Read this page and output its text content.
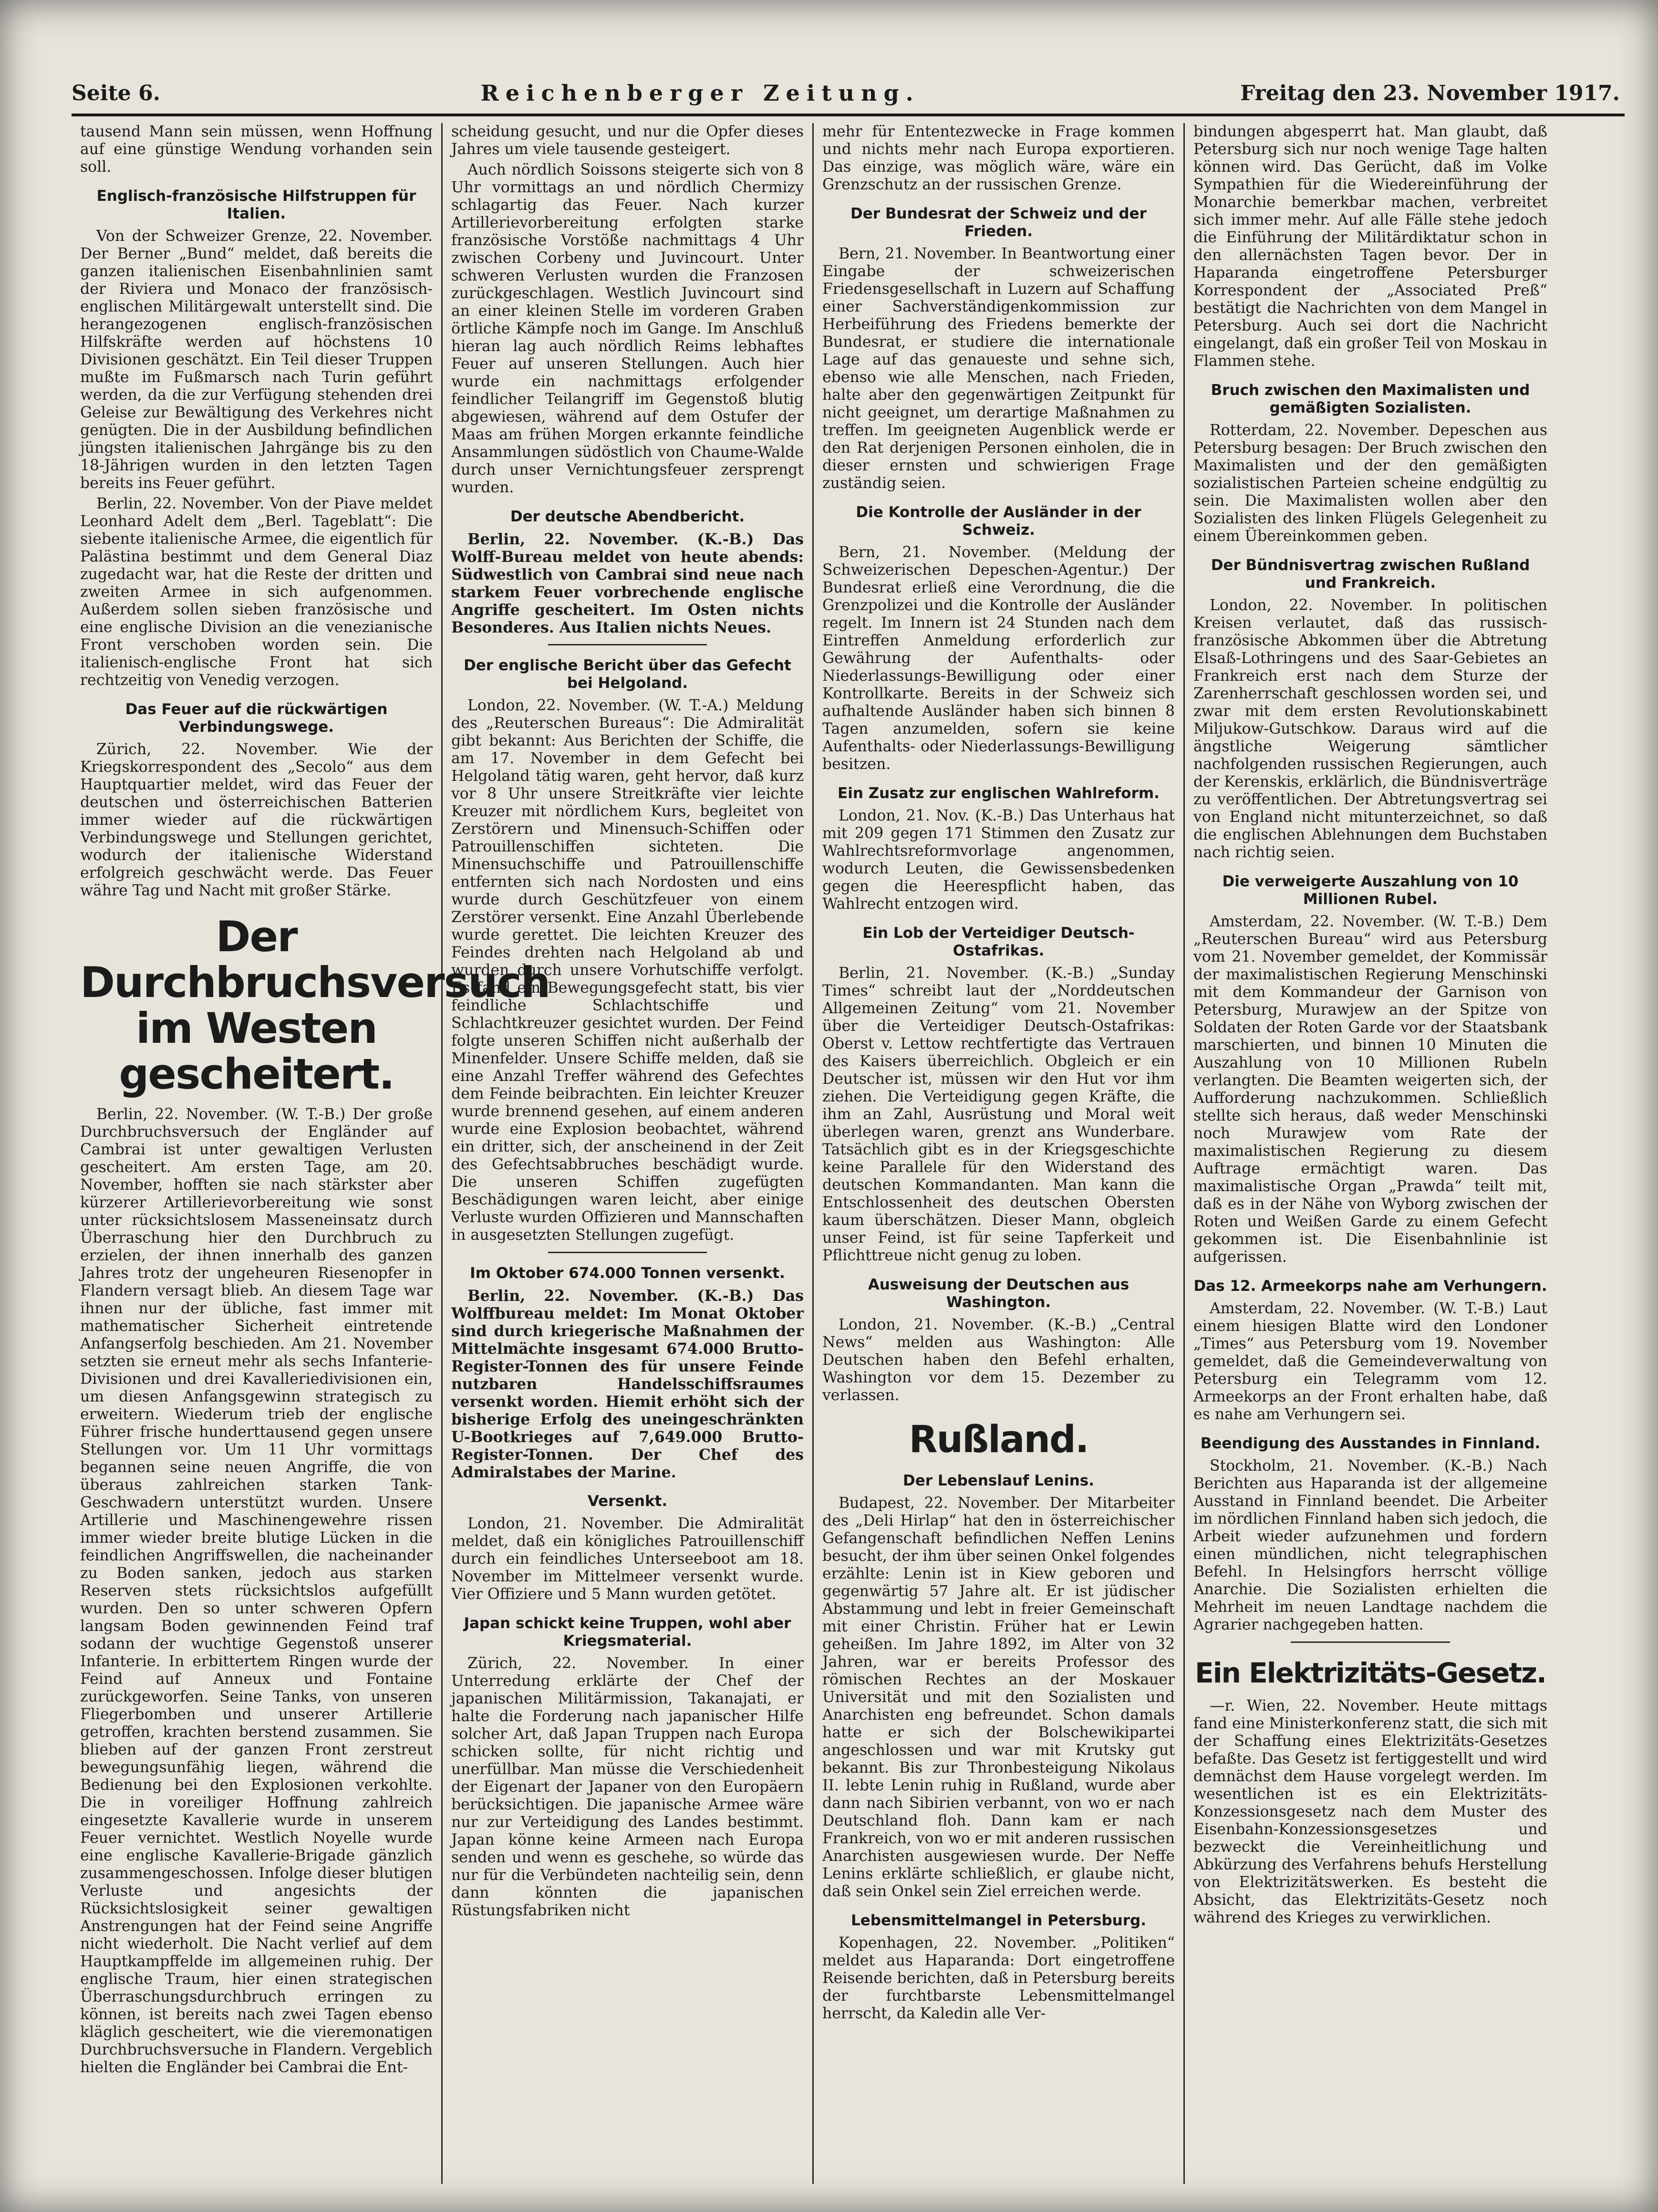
Seite 6.	Reichenberger Zeitung.	Freitag den 23. November 1917.

tausend Mann sein müssen, wenn Hoffnung auf eine günstige Wendung vorhanden sein soll.

Englisch-französische Hilfstruppen für Italien.

Von der Schweizer Grenze, 22. November. Der Berner „Bund“ meldet, daß bereits die ganzen italienischen Eisenbahnlinien samt der Riviera und Monaco der französisch-englischen Militärgewalt unterstellt sind. Die herangezogenen englisch-französischen Hilfskräfte werden auf höchstens 10 Divisionen geschätzt. Ein Teil dieser Truppen mußte im Fußmarsch nach Turin geführt werden, da die zur Verfügung stehenden drei Geleise zur Bewältigung des Verkehres nicht genügten. Die in der Ausbildung befindlichen jüngsten italienischen Jahrgänge bis zu den 18-Jährigen wurden in den letzten Tagen bereits ins Feuer geführt.

Berlin, 22. November. Von der Piave meldet Leonhard Adelt dem „Berl. Tageblatt“: Die siebente italienische Armee, die eigentlich für Palästina bestimmt und dem General Diaz zugedacht war, hat die Reste der dritten und zweiten Armee in sich aufgenommen. Außerdem sollen sieben französische und eine englische Division an die venezianische Front verschoben worden sein. Die italienisch-englische Front hat sich rechtzeitig von Venedig verzogen.

Das Feuer auf die rückwärtigen Verbindungswege.

Zürich, 22. November. Wie der Kriegskorrespondent des „Secolo“ aus dem Hauptquartier meldet, wird das Feuer der deutschen und österreichischen Batterien immer wieder auf die rückwärtigen Verbindungswege und Stellungen gerichtet, wodurch der italienische Widerstand erfolgreich geschwächt werde. Das Feuer währe Tag und Nacht mit großer Stärke.

Der Durchbruchsversuch im Westen gescheitert.

Berlin, 22. November. (W. T.-B.) Der große Durchbruchsversuch der Engländer auf Cambrai ist unter gewaltigen Verlusten gescheitert. Am ersten Tage, am 20. November, hofften sie nach stärkster aber kürzerer Artillerievorbereitung wie sonst unter rücksichtslosem Masseneinsatz durch Überraschung hier den Durchbruch zu erzielen, der ihnen innerhalb des ganzen Jahres trotz der ungeheuren Riesenopfer in Flandern versagt blieb. An diesem Tage war ihnen nur der übliche, fast immer mit mathematischer Sicherheit eintretende Anfangserfolg beschieden. Am 21. November setzten sie erneut mehr als sechs Infanterie-Divisionen und drei Kavalleriedivisionen ein, um diesen Anfangsgewinn strategisch zu erweitern. Wiederum trieb der englische Führer frische hunderttausend gegen unsere Stellungen vor. Um 11 Uhr vormittags begannen seine neuen Angriffe, die von überaus zahlreichen starken Tank-Geschwadern unterstützt wurden. Unsere Artillerie und Maschinengewehre rissen immer wieder breite blutige Lücken in die feindlichen Angriffswellen, die nacheinander zu Boden sanken, jedoch aus starken Reserven stets rücksichtslos aufgefüllt wurden. Den so unter schweren Opfern langsam Boden gewinnenden Feind traf sodann der wuchtige Gegenstoß unserer Infanterie. In erbittertem Ringen wurde der Feind auf Anneux und Fontaine zurückgeworfen. Seine Tanks, von unseren Fliegerbomben und unserer Artillerie getroffen, krachten berstend zusammen. Sie blieben auf der ganzen Front zerstreut bewegungsunfähig liegen, während die Bedienung bei den Explosionen verkohlte. Die in voreiliger Hoffnung zahlreich eingesetzte Kavallerie wurde in unserem Feuer vernichtet. Westlich Noyelle wurde eine englische Kavallerie-Brigade gänzlich zusammengeschossen. Infolge dieser blutigen Verluste und angesichts der Rücksichtslosigkeit seiner gewaltigen Anstrengungen hat der Feind seine Angriffe nicht wiederholt. Die Nacht verlief auf dem Hauptkampffelde im allgemeinen ruhig. Der englische Traum, hier einen strategischen Überraschungsdurchbruch erringen zu können, ist bereits nach zwei Tagen ebenso kläglich gescheitert, wie die vieremonatigen Durchbruchsversuche in Flandern. Vergeblich hielten die Engländer bei Cambrai die Ent-

scheidung gesucht, und nur die Opfer dieses Jahres um viele tausende gesteigert.

Auch nördlich Soissons steigerte sich von 8 Uhr vormittags an und nördlich Chermizy schlagartig das Feuer. Nach kurzer Artillerievorbereitung erfolgten starke französische Vorstöße nachmittags 4 Uhr zwischen Corbeny und Juvincourt. Unter schweren Verlusten wurden die Franzosen zurückgeschlagen. Westlich Juvincourt sind an einer kleinen Stelle im vorderen Graben örtliche Kämpfe noch im Gange. Im Anschluß hieran lag auch nördlich Reims lebhaftes Feuer auf unseren Stellungen. Auch hier wurde ein nachmittags erfolgender feindlicher Teilangriff im Gegenstoß blutig abgewiesen, während auf dem Ostufer der Maas am frühen Morgen erkannte feindliche Ansammlungen südöstlich von Chaume-Walde durch unser Vernichtungsfeuer zersprengt wurden.

Der deutsche Abendbericht.

Berlin, 22. November. (K.-B.) Das Wolff-Bureau meldet von heute abends: Südwestlich von Cambrai sind neue nach starkem Feuer vorbrechende englische Angriffe gescheitert. Im Osten nichts Besonderes. Aus Italien nichts Neues.

Der englische Bericht über das Gefecht bei Helgoland.

London, 22. November. (W. T.-A.) Meldung des „Reuterschen Bureaus“: Die Admiralität gibt bekannt: Aus Berichten der Schiffe, die am 17. November in dem Gefecht bei Helgoland tätig waren, geht hervor, daß kurz vor 8 Uhr unsere Streitkräfte vier leichte Kreuzer mit nördlichem Kurs, begleitet von Zerstörern und Minensuch-Schiffen oder Patrouillenschiffen sichteten. Die Minensuchschiffe und Patrouillenschiffe entfernten sich nach Nordosten und eins wurde durch Geschützfeuer von einem Zerstörer versenkt. Eine Anzahl Überlebende wurde gerettet. Die leichten Kreuzer des Feindes drehten nach Helgoland ab und wurden durch unsere Vorhutschiffe verfolgt. Es fand ein Bewegungsgefecht statt, bis vier feindliche Schlachtschiffe und Schlachtkreuzer gesichtet wurden. Der Feind folgte unseren Schiffen nicht außerhalb der Minenfelder. Unsere Schiffe melden, daß sie eine Anzahl Treffer während des Gefechtes dem Feinde beibrachten. Ein leichter Kreuzer wurde brennend gesehen, auf einem anderen wurde eine Explosion beobachtet, während ein dritter, sich, der anscheinend in der Zeit des Gefechtsabbruches beschädigt wurde. Die unseren Schiffen zugefügten Beschädigungen waren leicht, aber einige Verluste wurden Offizieren und Mannschaften in ausgesetzten Stellungen zugefügt.

Im Oktober 674.000 Tonnen versenkt.

Berlin, 22. November. (K.-B.) Das Wolffbureau meldet: Im Monat Oktober sind durch kriegerische Maßnahmen der Mittelmächte insgesamt 674.000 Brutto-Register-Tonnen des für unsere Feinde nutzbaren Handelsschiffsraumes versenkt worden. Hiemit erhöht sich der bisherige Erfolg des uneingeschränkten U-Bootkrieges auf 7,649.000 Brutto-Register-Tonnen. Der Chef des Admiralstabes der Marine.

Versenkt.

London, 21. November. Die Admiralität meldet, daß ein königliches Patrouillenschiff durch ein feindliches Unterseeboot am 18. November im Mittelmeer versenkt wurde. Vier Offiziere und 5 Mann wurden getötet.

Japan schickt keine Truppen, wohl aber Kriegsmaterial.

Zürich, 22. November. In einer Unterredung erklärte der Chef der japanischen Militärmission, Takanajati, er halte die Forderung nach japanischer Hilfe solcher Art, daß Japan Truppen nach Europa schicken sollte, für nicht richtig und unerfüllbar. Man müsse die Verschiedenheit der Eigenart der Japaner von den Europäern berücksichtigen. Die japanische Armee wäre nur zur Verteidigung des Landes bestimmt. Japan könne keine Armeen nach Europa senden und wenn es geschehe, so würde das nur für die Verbündeten nachteilig sein, denn dann könnten die japanischen Rüstungsfabriken nicht

mehr für Ententezwecke in Frage kommen und nichts mehr nach Europa exportieren. Das einzige, was möglich wäre, wäre ein Grenzschutz an der russischen Grenze.

Der Bundesrat der Schweiz und der Frieden.

Bern, 21. November. In Beantwortung einer Eingabe der schweizerischen Friedensgesellschaft in Luzern auf Schaffung einer Sachverständigenkommission zur Herbeiführung des Friedens bemerkte der Bundesrat, er studiere die internationale Lage auf das genaueste und sehne sich, ebenso wie alle Menschen, nach Frieden, halte aber den gegenwärtigen Zeitpunkt für nicht geeignet, um derartige Maßnahmen zu treffen. Im geeigneten Augenblick werde er den Rat derjenigen Personen einholen, die in dieser ernsten und schwierigen Frage zuständig seien.

Die Kontrolle der Ausländer in der Schweiz.

Bern, 21. November. (Meldung der Schweizerischen Depeschen-Agentur.) Der Bundesrat erließ eine Verordnung, die die Grenzpolizei und die Kontrolle der Ausländer regelt. Im Innern ist 24 Stunden nach dem Eintreffen Anmeldung erforderlich zur Gewährung der Aufenthalts- oder Niederlassungs-Bewilligung oder einer Kontrollkarte. Bereits in der Schweiz sich aufhaltende Ausländer haben sich binnen 8 Tagen anzumelden, sofern sie keine Aufenthalts- oder Niederlassungs-Bewilligung besitzen.

Ein Zusatz zur englischen Wahlreform.

London, 21. Nov. (K.-B.) Das Unterhaus hat mit 209 gegen 171 Stimmen den Zusatz zur Wahlrechtsreformvorlage angenommen, wodurch Leuten, die Gewissensbedenken gegen die Heerespflicht haben, das Wahlrecht entzogen wird.

Ein Lob der Verteidiger Deutsch-Ostafrikas.

Berlin, 21. November. (K.-B.) „Sunday Times“ schreibt laut der „Norddeutschen Allgemeinen Zeitung“ vom 21. November über die Verteidiger Deutsch-Ostafrikas: Oberst v. Lettow rechtfertigte das Vertrauen des Kaisers überreichlich. Obgleich er ein Deutscher ist, müssen wir den Hut vor ihm ziehen. Die Verteidigung gegen Kräfte, die ihm an Zahl, Ausrüstung und Moral weit überlegen waren, grenzt ans Wunderbare. Tatsächlich gibt es in der Kriegsgeschichte keine Parallele für den Widerstand des deutschen Kommandanten. Man kann die Entschlossenheit des deutschen Obersten kaum überschätzen. Dieser Mann, obgleich unser Feind, ist für seine Tapferkeit und Pflichttreue nicht genug zu loben.

Ausweisung der Deutschen aus Washington.

London, 21. November. (K.-B.) „Central News“ melden aus Washington: Alle Deutschen haben den Befehl erhalten, Washington vor dem 15. Dezember zu verlassen.

Rußland.
Der Lebenslauf Lenins.

Budapest, 22. November. Der Mitarbeiter des „Deli Hirlap“ hat den in österreichischer Gefangenschaft befindlichen Neffen Lenins besucht, der ihm über seinen Onkel folgendes erzählte: Lenin ist in Kiew geboren und gegenwärtig 57 Jahre alt. Er ist jüdischer Abstammung und lebt in freier Gemeinschaft mit einer Christin. Früher hat er Lewin geheißen. Im Jahre 1892, im Alter von 32 Jahren, war er bereits Professor des römischen Rechtes an der Moskauer Universität und mit den Sozialisten und Anarchisten eng befreundet. Schon damals hatte er sich der Bolschewikipartei angeschlossen und war mit Krutsky gut bekannt. Bis zur Thronbesteigung Nikolaus II. lebte Lenin ruhig in Rußland, wurde aber dann nach Sibirien verbannt, von wo er nach Deutschland floh. Dann kam er nach Frankreich, von wo er mit anderen russischen Anarchisten ausgewiesen wurde. Der Neffe Lenins erklärte schließlich, er glaube nicht, daß sein Onkel sein Ziel erreichen werde.

Lebensmittelmangel in Petersburg.

Kopenhagen, 22. November. „Politiken“ meldet aus Haparanda: Dort eingetroffene Reisende berichten, daß in Petersburg bereits der furchtbarste Lebensmittelmangel herrscht, da Kaledin alle Ver-

bindungen abgesperrt hat. Man glaubt, daß Petersburg sich nur noch wenige Tage halten können wird. Das Gerücht, daß im Volke Sympathien für die Wiedereinführung der Monarchie bemerkbar machen, verbreitet sich immer mehr. Auf alle Fälle stehe jedoch die Einführung der Militärdiktatur schon in den allernächsten Tagen bevor. Der in Haparanda eingetroffene Petersburger Korrespondent der „Associated Preß“ bestätigt die Nachrichten von dem Mangel in Petersburg. Auch sei dort die Nachricht eingelangt, daß ein großer Teil von Moskau in Flammen stehe.

Bruch zwischen den Maximalisten und gemäßigten Sozialisten.

Rotterdam, 22. November. Depeschen aus Petersburg besagen: Der Bruch zwischen den Maximalisten und der den gemäßigten sozialistischen Parteien scheine endgültig zu sein. Die Maximalisten wollen aber den Sozialisten des linken Flügels Gelegenheit zu einem Übereinkommen geben.

Der Bündnisvertrag zwischen Rußland und Frankreich.

London, 22. November. In politischen Kreisen verlautet, daß das russisch-französische Abkommen über die Abtretung Elsaß-Lothringens und des Saar-Gebietes an Frankreich erst nach dem Sturze der Zarenherrschaft geschlossen worden sei, und zwar mit dem ersten Revolutionskabinett Miljukow-Gutschkow. Daraus wird auf die ängstliche Weigerung sämtlicher nachfolgenden russischen Regierungen, auch der Kerenskis, erklärlich, die Bündnisverträge zu veröffentlichen. Der Abtretungsvertrag sei von England nicht mitunterzeichnet, so daß die englischen Ablehnungen dem Buchstaben nach richtig seien.

Die verweigerte Auszahlung von 10 Millionen Rubel.

Amsterdam, 22. November. (W. T.-B.) Dem „Reuterschen Bureau“ wird aus Petersburg vom 21. November gemeldet, der Kommissär der maximalistischen Regierung Menschinski mit dem Kommandeur der Garnison von Petersburg, Murawjew an der Spitze von Soldaten der Roten Garde vor der Staatsbank marschierten, und binnen 10 Minuten die Auszahlung von 10 Millionen Rubeln verlangten. Die Beamten weigerten sich, der Aufforderung nachzukommen. Schließlich stellte sich heraus, daß weder Menschinski noch Murawjew vom Rate der maximalistischen Regierung zu diesem Auftrage ermächtigt waren. Das maximalistische Organ „Prawda“ teilt mit, daß es in der Nähe von Wyborg zwischen der Roten und Weißen Garde zu einem Gefecht gekommen ist. Die Eisenbahnlinie ist aufgerissen.

Das 12. Armeekorps nahe am Verhungern.

Amsterdam, 22. November. (W. T.-B.) Laut einem hiesigen Blatte wird den Londoner „Times“ aus Petersburg vom 19. November gemeldet, daß die Gemeindeverwaltung von Petersburg ein Telegramm vom 12. Armeekorps an der Front erhalten habe, daß es nahe am Verhungern sei.

Beendigung des Ausstandes in Finnland.

Stockholm, 21. November. (K.-B.) Nach Berichten aus Haparanda ist der allgemeine Ausstand in Finnland beendet. Die Arbeiter im nördlichen Finnland haben sich jedoch, die Arbeit wieder aufzunehmen und fordern einen mündlichen, nicht telegraphischen Befehl. In Helsingfors herrscht völlige Anarchie. Die Sozialisten erhielten die Mehrheit im neuen Landtage nachdem die Agrarier nachgegeben hatten.

Ein Elektrizitäts-Gesetz.

—r. Wien, 22. November. Heute mittags fand eine Ministerkonferenz statt, die sich mit der Schaffung eines Elektrizitäts-Gesetzes befaßte. Das Gesetz ist fertiggestellt und wird demnächst dem Hause vorgelegt werden. Im wesentlichen ist es ein Elektrizitäts-Konzessionsgesetz nach dem Muster des Eisenbahn-Konzessionsgesetzes und bezweckt die Vereinheitlichung und Abkürzung des Verfahrens behufs Herstellung von Elektrizitätswerken. Es besteht die Absicht, das Elektrizitäts-Gesetz noch während des Krieges zu verwirklichen.
